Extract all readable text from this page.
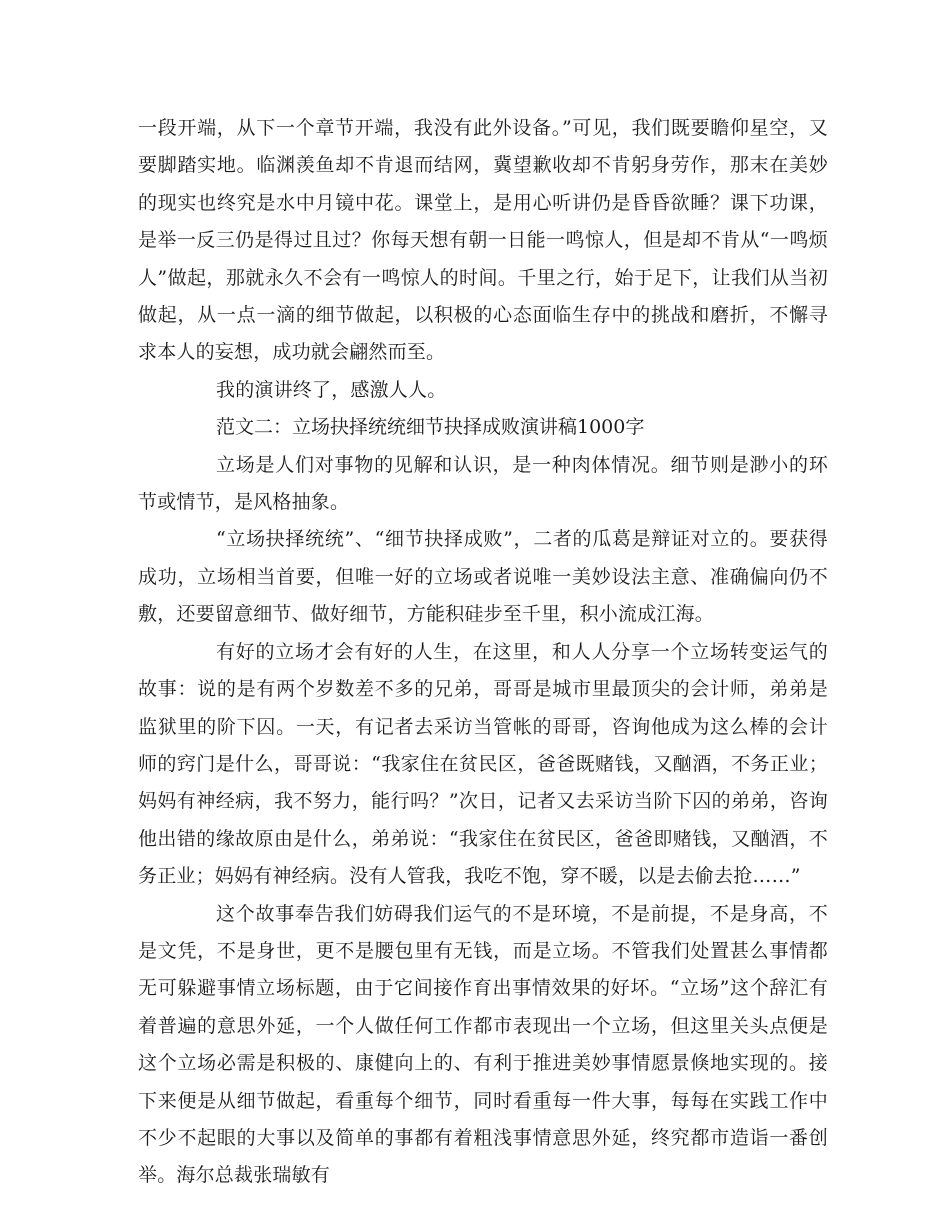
一段开端，从下一个章节开端，我没有此外设备。”可见，我们既要瞻仰星空，又要脚踏实地。临渊羡鱼却不肯退而结网，冀望歉收却不肯躬身劳作，那末在美妙的现实也终究是水中月镜中花。课堂上，是用心听讲仍是昏昏欲睡？课下功课，是举一反三仍是得过且过？你每天想有朝一日能一鸣惊人，但是却不肯从“一鸣烦人”做起，那就永久不会有一鸣惊人的时间。千里之行，始于足下，让我们从当初做起，从一点一滴的细节做起，以积极的心态面临生存中的挑战和磨折，不懈寻求本人的妄想，成功就会翩然而至。

我的演讲终了，感激人人。

范文二：立场抉择统统细节抉择成败演讲稿1000字

立场是人们对事物的见解和认识，是一种肉体情况。细节则是渺小的环节或情节，是风格抽象。

“立场抉择统统”、“细节抉择成败”，二者的瓜葛是辩证对立的。要获得成功，立场相当首要，但唯一好的立场或者说唯一美妙设法主意、准确偏向仍不敷，还要留意细节、做好细节，方能积硅步至千里，积小流成江海。

有好的立场才会有好的人生，在这里，和人人分享一个立场转变运气的故事：说的是有两个岁数差不多的兄弟，哥哥是城市里最顶尖的会计师，弟弟是监狱里的阶下囚。一天，有记者去采访当管帐的哥哥，咨询他成为这么棒的会计师的窍门是什么，哥哥说：“我家住在贫民区，爸爸既赌钱，又酗酒，不务正业；妈妈有神经病，我不努力，能行吗？”次日，记者又去采访当阶下囚的弟弟，咨询他出错的缘故原由是什么，弟弟说：“我家住在贫民区，爸爸即赌钱，又酗酒，不务正业；妈妈有神经病。没有人管我，我吃不饱，穿不暖，以是去偷去抢……”

这个故事奉告我们妨碍我们运气的不是环境，不是前提，不是身高，不是文凭，不是身世，更不是腰包里有无钱，而是立场。不管我们处置甚么事情都无可躲避事情立场标题，由于它间接作育出事情效果的好坏。“立场”这个辞汇有着普遍的意思外延，一个人做任何工作都市表现出一个立场，但这里关头点便是这个立场必需是积极的、康健向上的、有利于推进美妙事情愿景倏地实现的。接下来便是从细节做起，看重每个细节，同时看重每一件大事，每每在实践工作中不少不起眼的大事以及简单的事都有着粗浅事情意思外延，终究都市造诣一番创举。海尔总裁张瑞敏有
